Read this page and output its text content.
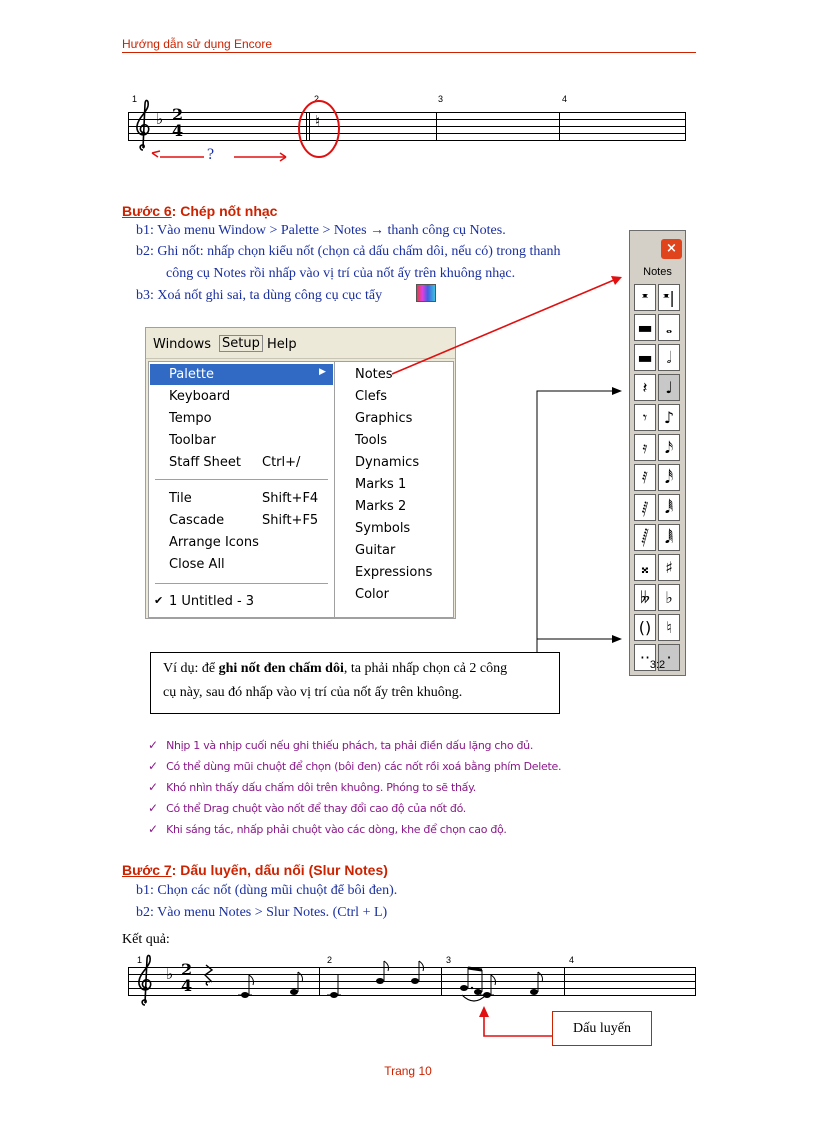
Hướng dẫn sử dụng Encore
1	2	3	4
♭ 2
4	♮
?
Bước 6: Chép nốt nhạc
b1: Vào menu Window > Palette > Notes → thanh công cụ Notes.
b2: Ghi nốt: nhấp chọn kiểu nốt (chọn cả dấu chấm dôi, nếu có) trong thanh
công cụ Notes rồi nhấp vào vị trí của nốt ấy trên khuông nhạc.
b3: Xoá nốt ghi sai, ta dùng công cụ cục tẩy
Windows Setup Help
Palette	▶
Keyboard
Tempo
Toolbar
Staff Sheet Ctrl+/
Tile	Shift+F4
Cascade	Shift+F5
Arrange Icons
Close All
✔ 1 Untitled - 3
Notes
Clefs
Graphics
Tools
Dynamics
Marks 1
Marks 2
Symbols
Guitar
Expressions
Color
×
Notes
𝄺 𝄺|
▬ 𝅝
▬ 𝅗𝅥
𝄽	♩
𝄾	♪
𝄿	𝅘𝅥𝅯
𝅀	𝅘𝅥𝅰
𝅁	𝅘𝅥𝅱
𝅂	𝅘𝅥𝅲
𝄪	♯
𝄫 ♭
() ♮
··	·
3:2

Ví dụ: để ghi nốt đen chấm dôi, ta phải nhấp chọn cả 2 công

cụ này, sau đó nhấp vào vị trí của nốt ấy trên khuông.

✓ Nhịp 1 và nhịp cuối nếu ghi thiếu phách, ta phải điền dấu lặng cho đủ.
✓ Có thể dùng mũi chuột để chọn (bôi đen) các nốt rồi xoá bằng phím Delete.
✓ Khó nhìn thấy dấu chấm dôi trên khuông. Phóng to sẽ thấy.
✓ Có thể Drag chuột vào nốt để thay đổi cao độ của nốt đó.
✓ Khi sáng tác, nhấp phải chuột vào các dòng, khe để chọn cao độ.
Bước 7: Dấu luyến, dấu nối (Slur Notes)
b1: Chọn các nốt (dùng mũi chuột để bôi đen).
b2: Vào menu Notes > Slur Notes. (Ctrl + L)
Kết quả:
1	2	3	4
♭ 2
4
Dấu luyến
Trang 10
